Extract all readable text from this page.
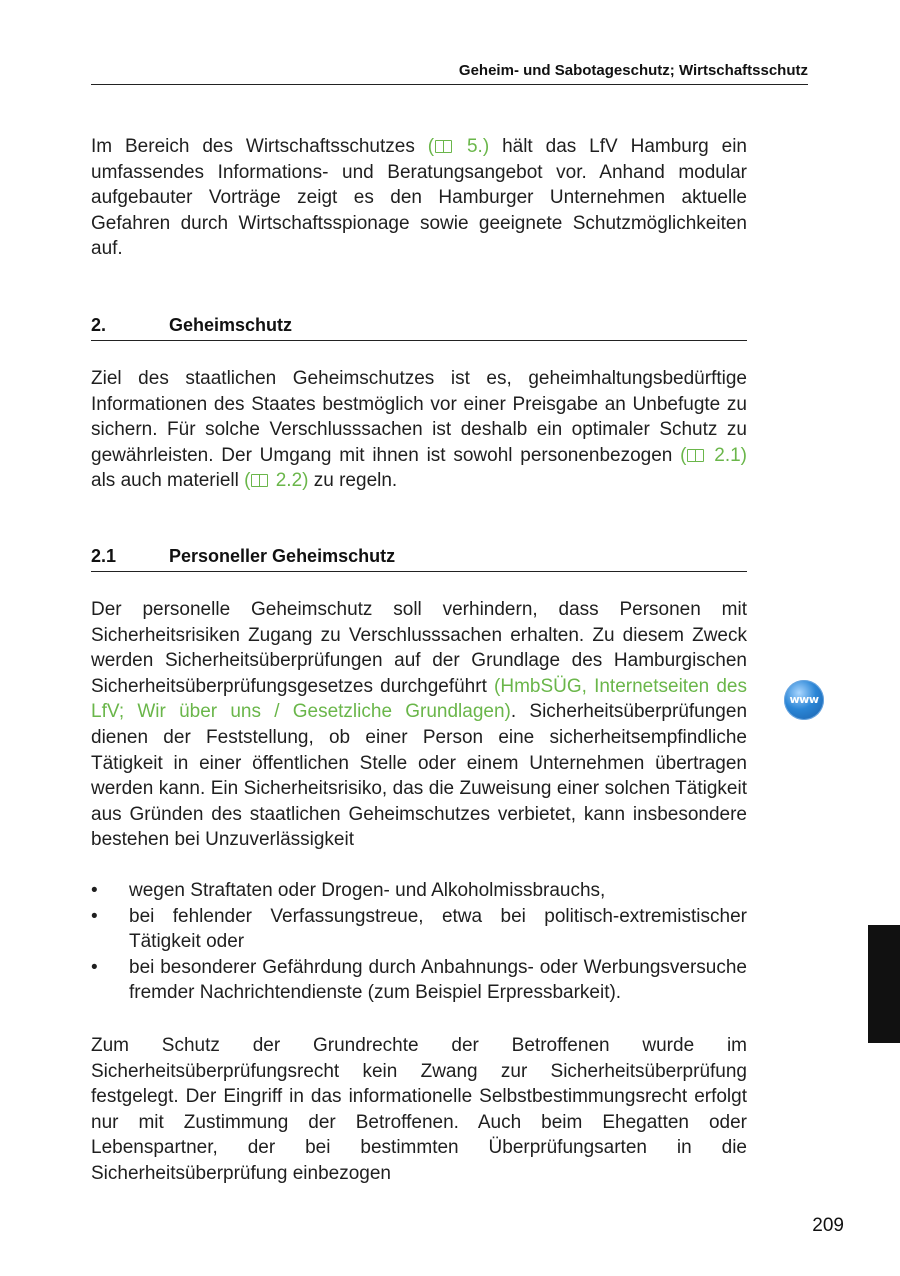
Geheim- und Sabotageschutz; Wirtschaftsschutz

Im Bereich des Wirtschaftsschutzes ( 5.) hält das LfV Hamburg ein umfassendes Informations- und Beratungsangebot vor. Anhand modular aufgebauter Vorträge zeigt es den Hamburger Unternehmen aktuelle Gefahren durch Wirtschaftsspionage sowie geeignete Schutzmöglichkeiten auf.

2.	Geheimschutz

Ziel des staatlichen Geheimschutzes ist es, geheimhaltungsbedürftige Informationen des Staates bestmöglich vor einer Preisgabe an Unbefugte zu sichern. Für solche Verschlusssachen ist deshalb ein optimaler Schutz zu gewährleisten. Der Umgang mit ihnen ist sowohl personenbezogen ( 2.1) als auch materiell ( 2.2) zu regeln.

2.1	Personeller Geheimschutz

Der personelle Geheimschutz soll verhindern, dass Personen mit Sicherheitsrisiken Zugang zu Verschlusssachen erhalten. Zu diesem Zweck werden Sicherheitsüberprüfungen auf der Grundlage des Hamburgischen Sicherheitsüberprüfungsgesetzes durchgeführt (HmbSÜG, Internetseiten des LfV; Wir über uns / Gesetzliche Grundlagen). Sicherheitsüberprüfungen dienen der Feststellung, ob einer Person eine sicherheitsempfindliche Tätigkeit in einer öffentlichen Stelle oder einem Unternehmen übertragen werden kann. Ein Sicherheitsrisiko, das die Zuweisung einer solchen Tätigkeit aus Gründen des staatlichen Geheimschutzes verbietet, kann insbesondere bestehen bei Unzuverlässigkeit

• wegen Straftaten oder Drogen- und Alkoholmissbrauchs,
• bei fehlender Verfassungstreue, etwa bei politisch-extremistischer Tätigkeit oder
• bei besonderer Gefährdung durch Anbahnungs- oder Werbungsversuche fremder Nachrichtendienste (zum Beispiel Erpressbarkeit).

Zum Schutz der Grundrechte der Betroffenen wurde im Sicherheitsüberprüfungsrecht kein Zwang zur Sicherheitsüberprüfung festgelegt. Der Eingriff in das informationelle Selbstbestimmungsrecht erfolgt nur mit Zustimmung der Betroffenen. Auch beim Ehegatten oder Lebenspartner, der bei bestimmten Überprüfungsarten in die Sicherheitsüberprüfung einbezogen

www
209
